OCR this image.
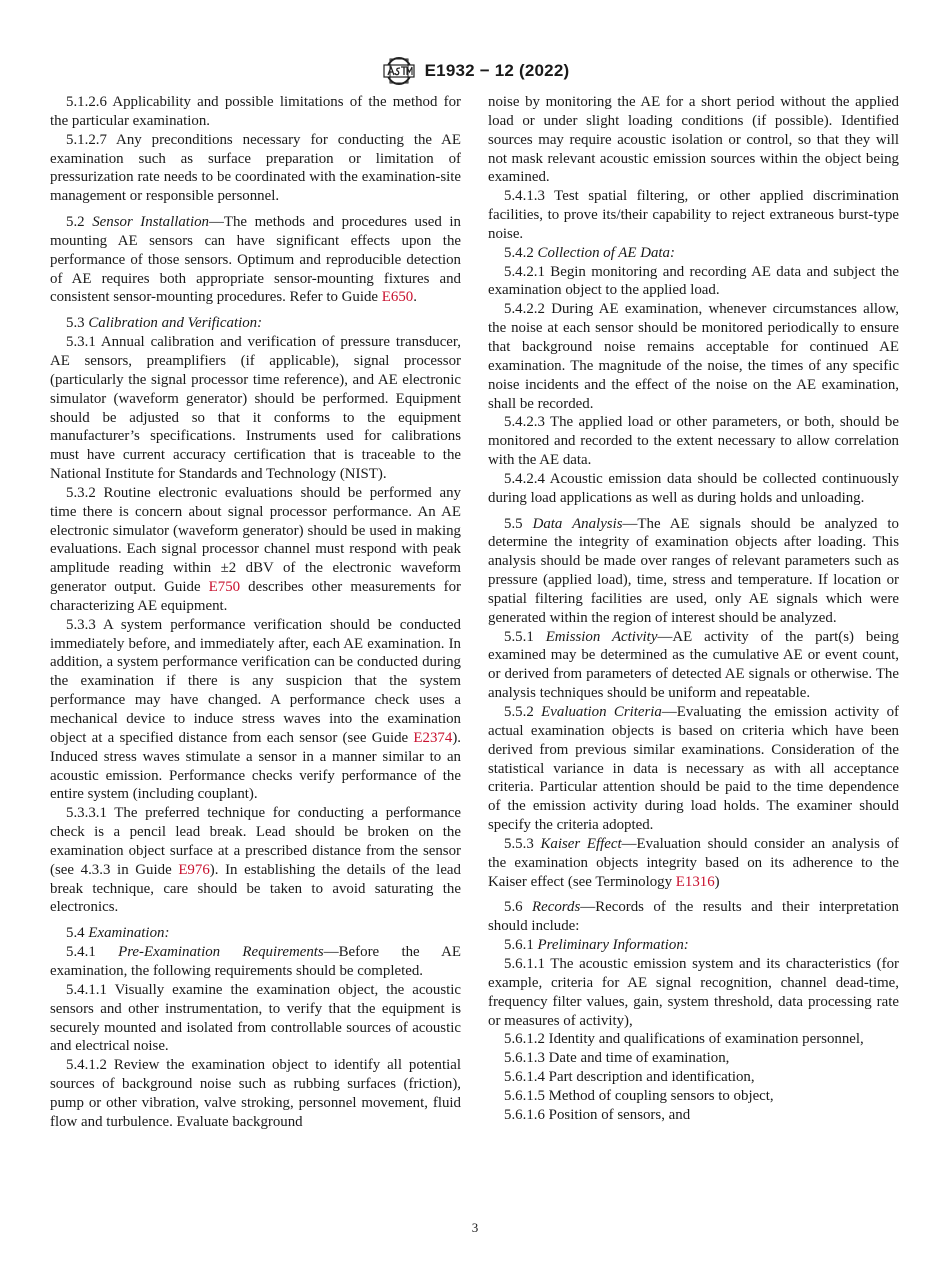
E1932 − 12 (2022)

5.1.2.6 Applicability and possible limitations of the method for the particular examination.

5.1.2.7 Any preconditions necessary for conducting the AE examination such as surface preparation or limitation of pressurization rate needs to be coordinated with the examination-site management or responsible personnel.

5.2 Sensor Installation—The methods and procedures used in mounting AE sensors can have significant effects upon the performance of those sensors. Optimum and reproducible detection of AE requires both appropriate sensor-mounting fixtures and consistent sensor-mounting procedures. Refer to Guide E650.

5.3 Calibration and Verification:

5.3.1 Annual calibration and verification of pressure transducer, AE sensors, preamplifiers (if applicable), signal processor (particularly the signal processor time reference), and AE electronic simulator (waveform generator) should be performed. Equipment should be adjusted so that it conforms to the equipment manufacturer’s specifications. Instruments used for calibrations must have current accuracy certification that is traceable to the National Institute for Standards and Technology (NIST).

5.3.2 Routine electronic evaluations should be performed any time there is concern about signal processor performance. An AE electronic simulator (waveform generator) should be used in making evaluations. Each signal processor channel must respond with peak amplitude reading within ±2 dBV of the electronic waveform generator output. Guide E750 describes other measurements for characterizing AE equipment.

5.3.3 A system performance verification should be conducted immediately before, and immediately after, each AE examination. In addition, a system performance verification can be conducted during the examination if there is any suspicion that the system performance may have changed. A performance check uses a mechanical device to induce stress waves into the examination object at a specified distance from each sensor (see Guide E2374). Induced stress waves stimulate a sensor in a manner similar to an acoustic emission. Performance checks verify performance of the entire system (including couplant).

5.3.3.1 The preferred technique for conducting a performance check is a pencil lead break. Lead should be broken on the examination object surface at a prescribed distance from the sensor (see 4.3.3 in Guide E976). In establishing the details of the lead break technique, care should be taken to avoid saturating the electronics.

5.4 Examination:

5.4.1 Pre-Examination Requirements—Before the AE examination, the following requirements should be completed.

5.4.1.1 Visually examine the examination object, the acoustic sensors and other instrumentation, to verify that the equipment is securely mounted and isolated from controllable sources of acoustic and electrical noise.

5.4.1.2 Review the examination object to identify all potential sources of background noise such as rubbing surfaces (friction), pump or other vibration, valve stroking, personnel movement, fluid flow and turbulence. Evaluate background

noise by monitoring the AE for a short period without the applied load or under slight loading conditions (if possible). Identified sources may require acoustic isolation or control, so that they will not mask relevant acoustic emission sources within the object being examined.

5.4.1.3 Test spatial filtering, or other applied discrimination facilities, to prove its/their capability to reject extraneous burst-type noise.

5.4.2 Collection of AE Data:

5.4.2.1 Begin monitoring and recording AE data and subject the examination object to the applied load.

5.4.2.2 During AE examination, whenever circumstances allow, the noise at each sensor should be monitored periodically to ensure that background noise remains acceptable for continued AE examination. The magnitude of the noise, the times of any specific noise incidents and the effect of the noise on the AE examination, shall be recorded.

5.4.2.3 The applied load or other parameters, or both, should be monitored and recorded to the extent necessary to allow correlation with the AE data.

5.4.2.4 Acoustic emission data should be collected continuously during load applications as well as during holds and unloading.

5.5 Data Analysis—The AE signals should be analyzed to determine the integrity of examination objects after loading. This analysis should be made over ranges of relevant parameters such as pressure (applied load), time, stress and temperature. If location or spatial filtering facilities are used, only AE signals which were generated within the region of interest should be analyzed.

5.5.1 Emission Activity—AE activity of the part(s) being examined may be determined as the cumulative AE or event count, or derived from parameters of detected AE signals or otherwise. The analysis techniques should be uniform and repeatable.

5.5.2 Evaluation Criteria—Evaluating the emission activity of actual examination objects is based on criteria which have been derived from previous similar examinations. Consideration of the statistical variance in data is necessary as with all acceptance criteria. Particular attention should be paid to the time dependence of the emission activity during load holds. The examiner should specify the criteria adopted.

5.5.3 Kaiser Effect—Evaluation should consider an analysis of the examination objects integrity based on its adherence to the Kaiser effect (see Terminology E1316)

5.6 Records—Records of the results and their interpretation should include:

5.6.1 Preliminary Information:

5.6.1.1 The acoustic emission system and its characteristics (for example, criteria for AE signal recognition, channel dead-time, frequency filter values, gain, system threshold, data processing rate or measures of activity),

5.6.1.2 Identity and qualifications of examination personnel,

5.6.1.3 Date and time of examination,

5.6.1.4 Part description and identification,

5.6.1.5 Method of coupling sensors to object,

5.6.1.6 Position of sensors, and

3
